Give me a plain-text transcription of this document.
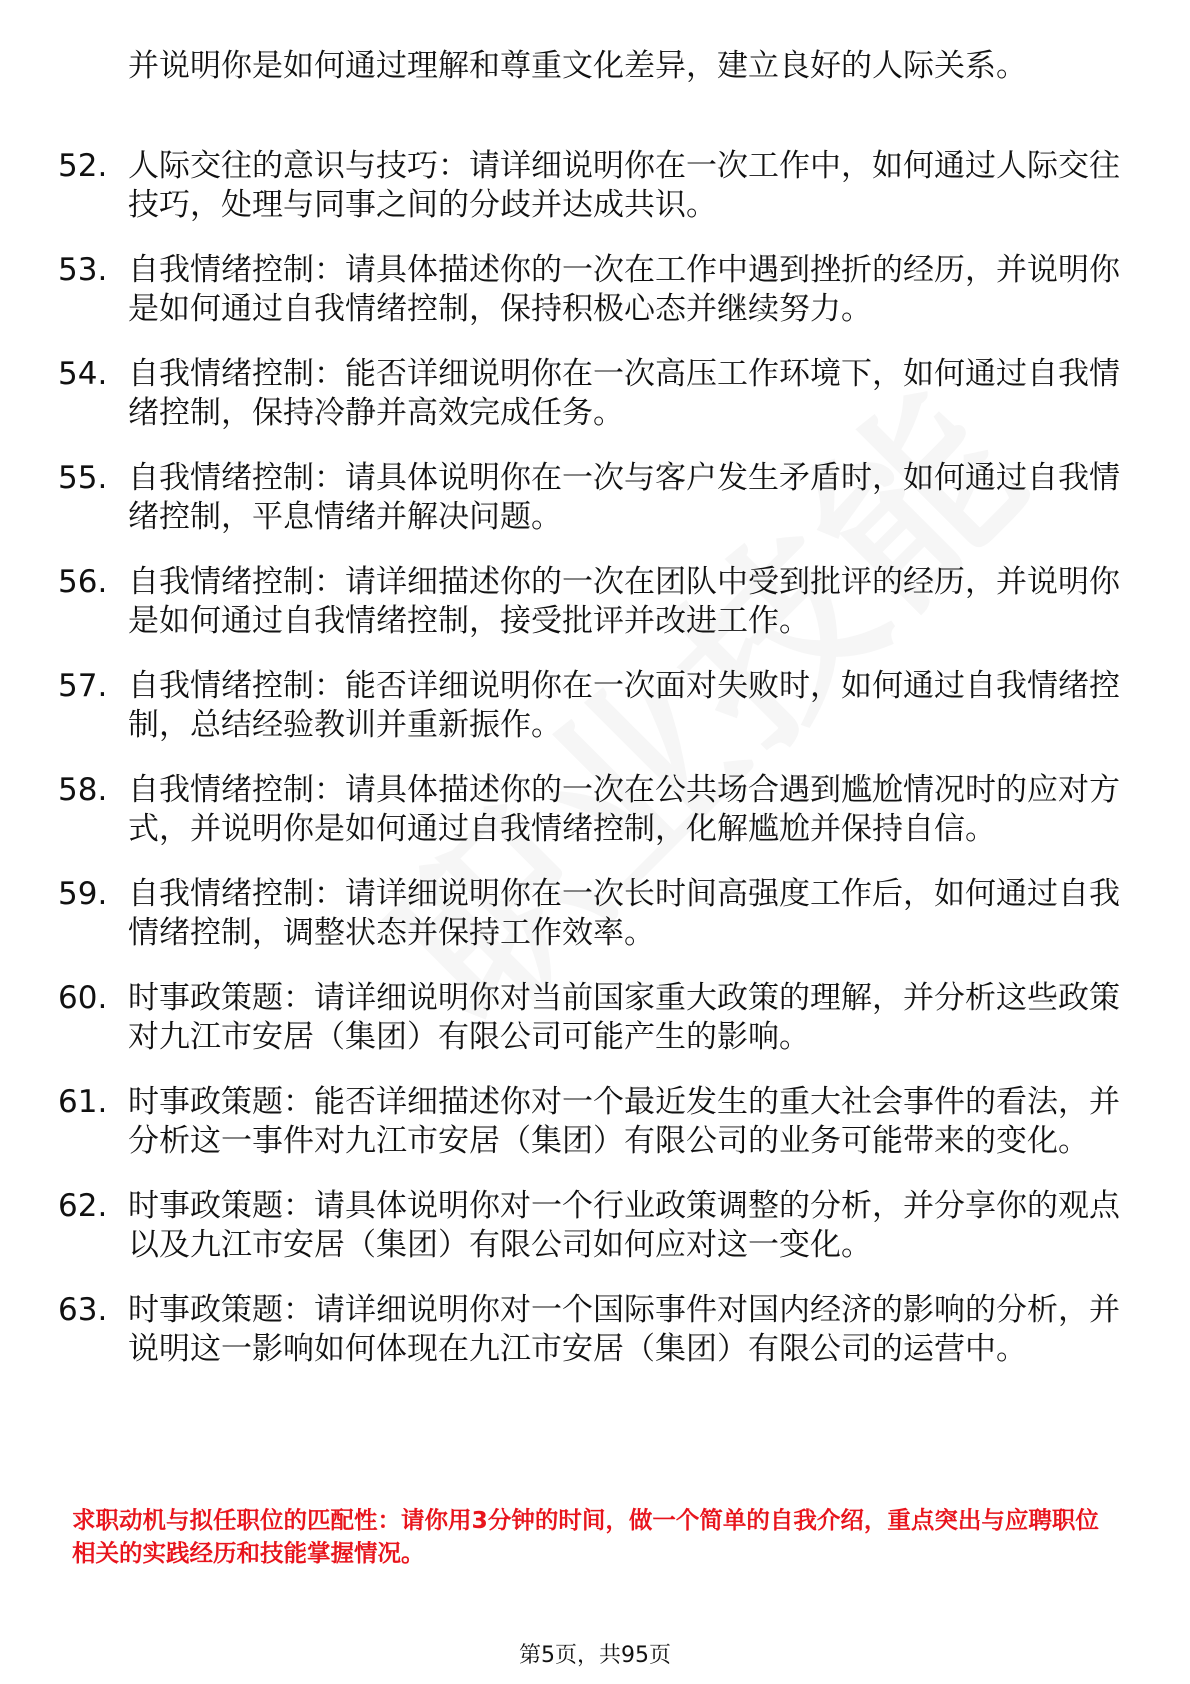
并说明你是如何通过理解和尊重文化差异，建立良好的人际关系。
52. 人际交往的意识与技巧：请详细说明你在一次工作中，如何通过人际交往技巧，处理与同事之间的分歧并达成共识。
53. 自我情绪控制：请具体描述你的一次在工作中遇到挫折的经历，并说明你是如何通过自我情绪控制，保持积极心态并继续努力。
54. 自我情绪控制：能否详细说明你在一次高压工作环境下，如何通过自我情绪控制，保持冷静并高效完成任务。
55. 自我情绪控制：请具体说明你在一次与客户发生矛盾时，如何通过自我情绪控制，平息情绪并解决问题。
56. 自我情绪控制：请详细描述你的一次在团队中受到批评的经历，并说明你是如何通过自我情绪控制，接受批评并改进工作。
57. 自我情绪控制：能否详细说明你在一次面对失败时，如何通过自我情绪控制，总结经验教训并重新振作。
58. 自我情绪控制：请具体描述你的一次在公共场合遇到尴尬情况时的应对方式，并说明你是如何通过自我情绪控制，化解尴尬并保持自信。
59. 自我情绪控制：请详细说明你在一次长时间高强度工作后，如何通过自我情绪控制，调整状态并保持工作效率。
60. 时事政策题：请详细说明你对当前国家重大政策的理解，并分析这些政策对九江市安居（集团）有限公司可能产生的影响。
61. 时事政策题：能否详细描述你对一个最近发生的重大社会事件的看法，并分析这一事件对九江市安居（集团）有限公司的业务可能带来的变化。
62. 时事政策题：请具体说明你对一个行业政策调整的分析，并分享你的观点以及九江市安居（集团）有限公司如何应对这一变化。
63. 时事政策题：请详细说明你对一个国际事件对国内经济的影响的分析，并说明这一影响如何体现在九江市安居（集团）有限公司的运营中。
求职动机与拟任职位的匹配性：请你用3分钟的时间，做一个简单的自我介绍，重点突出与应聘职位相关的实践经历和技能掌握情况。
第5页，共95页
